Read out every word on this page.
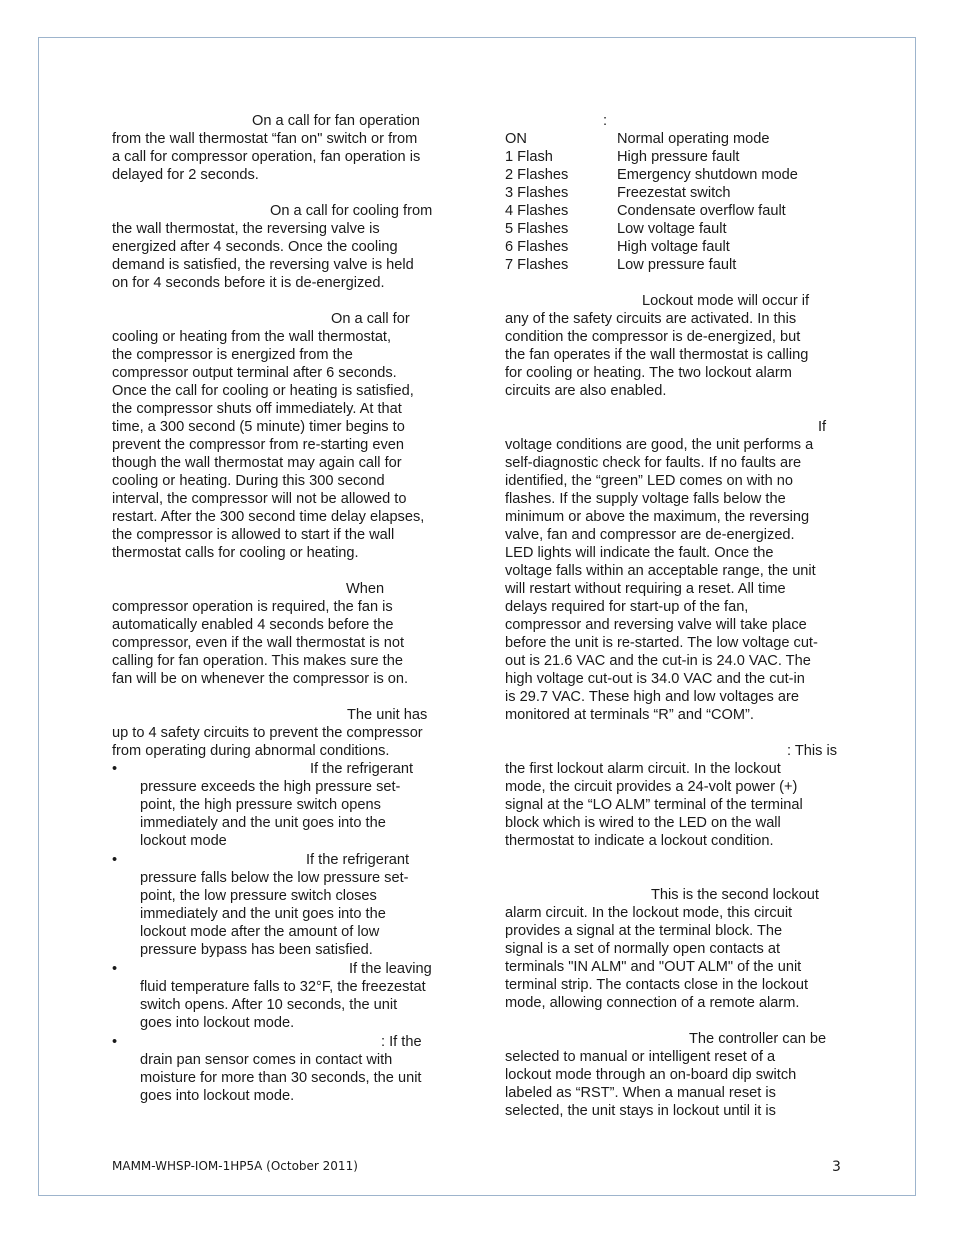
On a call for fan operation

from the wall thermostat “fan on" switch or from

a call for compressor operation, fan operation is

delayed for 2 seconds.

On a call for cooling from

the wall thermostat, the reversing valve is

energized after 4 seconds. Once the cooling

demand is satisfied, the reversing valve is held

on for 4 seconds before it is de-energized.

On a call for

cooling or heating from the wall thermostat,

the compressor is energized from the

compressor output terminal after 6 seconds.

Once the call for cooling or heating is satisfied,

the compressor shuts off immediately. At that

time, a 300 second (5 minute) timer begins to

prevent the compressor from re-starting even

though the wall thermostat may again call for

cooling or heating. During this 300 second

interval, the compressor will not be allowed to

restart. After the 300 second time delay elapses,

the compressor is allowed to start if the wall

thermostat calls for cooling or heating.

When

compressor operation is required, the fan is

automatically enabled 4 seconds before the

compressor, even if the wall thermostat is not

calling for fan operation. This makes sure the

fan will be on whenever the compressor is on.

The unit has

up to 4 safety circuits to prevent the compressor

from operating during abnormal conditions.

•	If the refrigerant

pressure exceeds the high pressure set-

point, the high pressure switch opens

immediately and the unit goes into the

lockout mode

•	If the refrigerant

pressure falls below the low pressure set-

point, the low pressure switch closes

immediately and the unit goes into the

lockout mode after the amount of low

pressure bypass has been satisfied.

•	If the leaving

fluid temperature falls to 32°F, the freezestat

switch opens. After 10 seconds, the unit

goes into lockout mode.

•	: If the

drain pan sensor comes in contact with

moisture for more than 30 seconds, the unit

goes into lockout mode.

:

ON	Normal operating mode
1 Flash	High pressure fault
2 Flashes	Emergency shutdown mode
3 Flashes	Freezestat switch
4 Flashes	Condensate overflow fault
5 Flashes	Low voltage fault
6 Flashes	High voltage fault
7 Flashes	Low pressure fault

Lockout mode will occur if

any of the safety circuits are activated. In this

condition the compressor is de-energized, but

the fan operates if the wall thermostat is calling

for cooling or heating. The two lockout alarm

circuits are also enabled.

If

voltage conditions are good, the unit performs a

self-diagnostic check for faults. If no faults are

identified, the “green” LED comes on with no

flashes. If the supply voltage falls below the

minimum or above the maximum, the reversing

valve, fan and compressor are de-energized.

LED lights will indicate the fault. Once the

voltage falls within an acceptable range, the unit

will restart without requiring a reset. All time

delays required for start-up of the fan,

compressor and reversing valve will take place

before the unit is re-started. The low voltage cut-

out is 21.6 VAC and the cut-in is 24.0 VAC. The

high voltage cut-out is 34.0 VAC and the cut-in

is 29.7 VAC. These high and low voltages are

monitored at terminals “R” and “COM”.

: This is

the first lockout alarm circuit. In the lockout

mode, the circuit provides a 24-volt power (+)

signal at the “LO ALM” terminal of the terminal

block which is wired to the LED on the wall

thermostat to indicate a lockout condition.

This is the second lockout

alarm circuit. In the lockout mode, this circuit

provides a signal at the terminal block. The

signal is a set of normally open contacts at

terminals "IN ALM" and "OUT ALM" of the unit

terminal strip. The contacts close in the lockout

mode, allowing connection of a remote alarm.

The controller can be

selected to manual or intelligent reset of a

lockout mode through an on-board dip switch

labeled as “RST”. When a manual reset is

selected, the unit stays in lockout until it is

MAMM-WHSP-IOM-1HP5A (October 2011)	3
